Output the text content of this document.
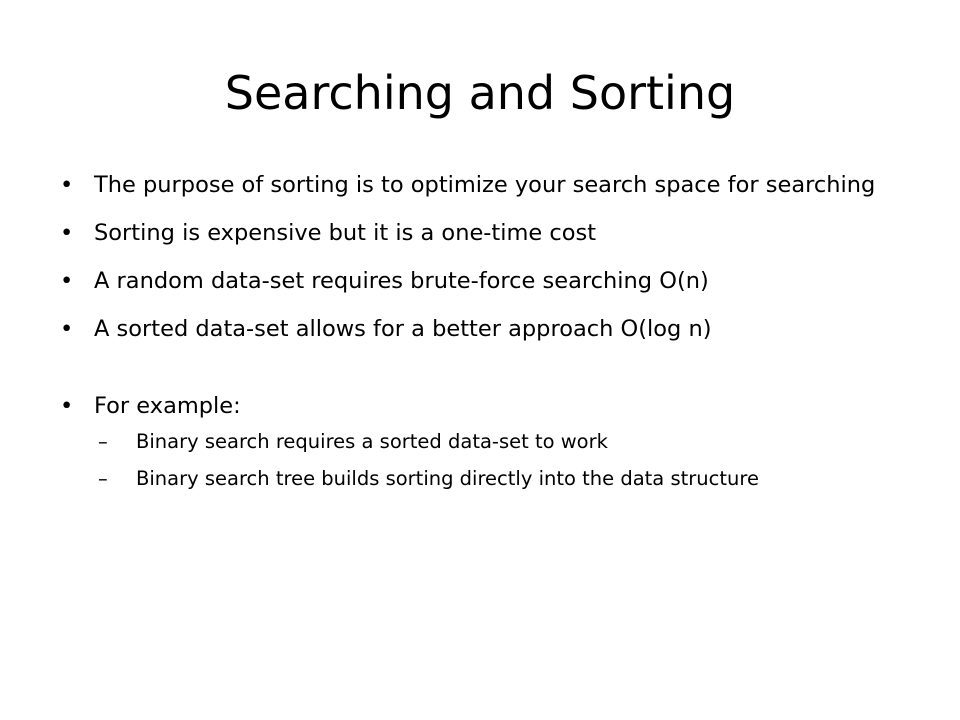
Searching and Sorting
• The purpose of sorting is to optimize your search space for searching
• Sorting is expensive but it is a one-time cost
• A random data-set requires brute-force searching O(n)
• A sorted data-set allows for a better approach O(log n)
• For example:
– Binary search requires a sorted data-set to work
– Binary search tree builds sorting directly into the data structure
